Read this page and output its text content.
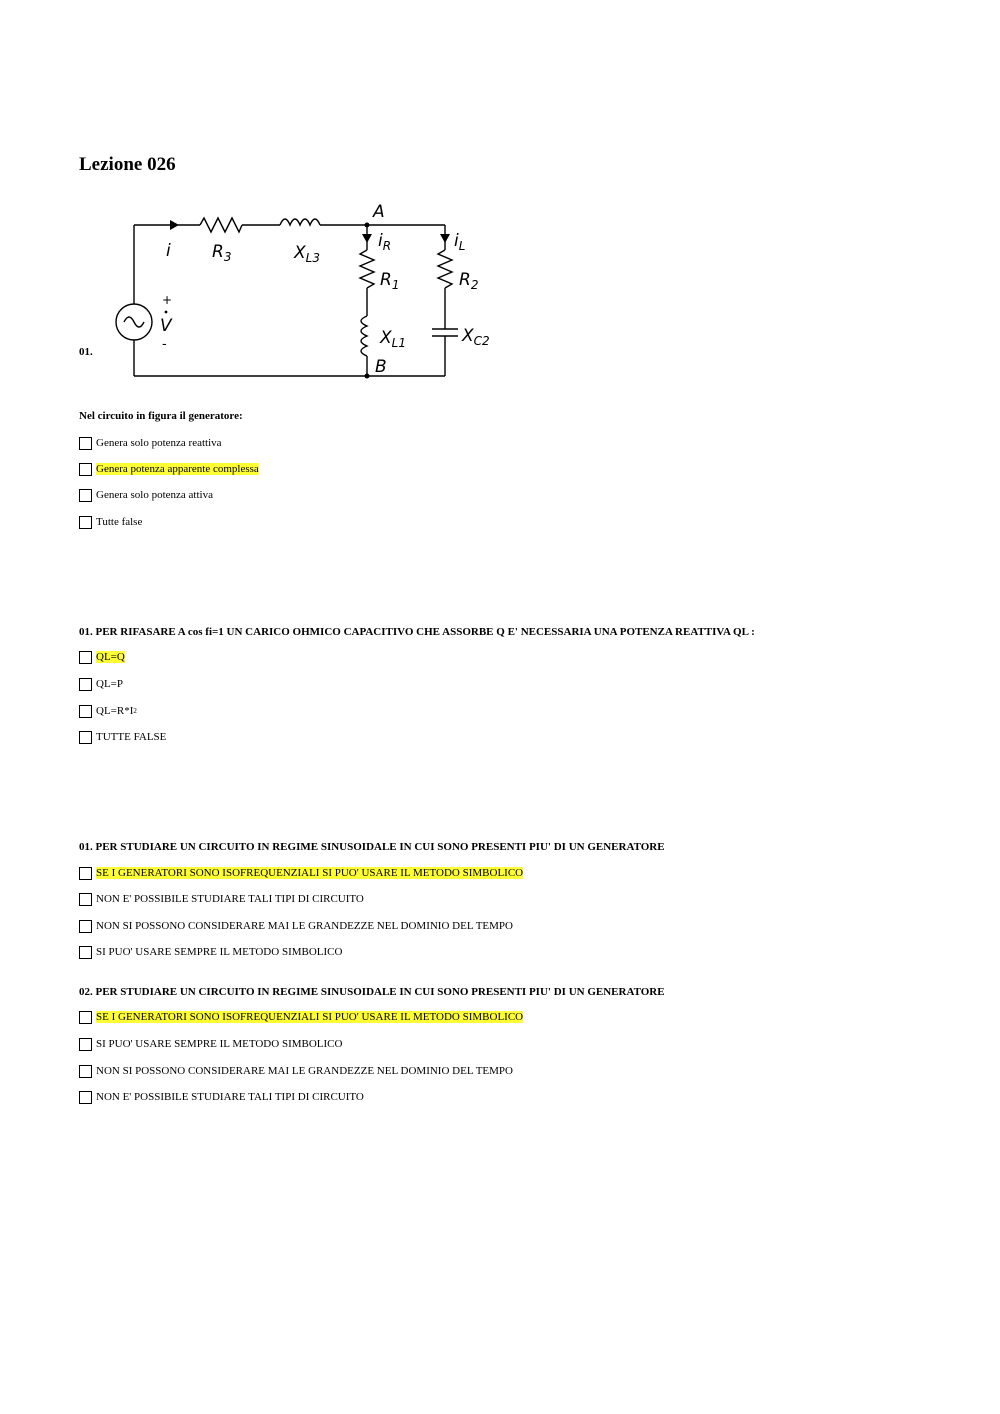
Lezione 026
A
B
i	$i_R$	$i_L$
$R_3$	$X_{L3}$
$R_1$
$X_{L1}$
$R_2$
$X_{C2}$
+
V
-
01.
Nel circuito in figura il generatore:
Genera solo potenza reattiva
Genera potenza apparente complessa
Genera solo potenza attiva
Tutte false
01. PER RIFASARE A cos fi=1 UN CARICO OHMICO CAPACITIVO CHE ASSORBE Q E' NECESSARIA UNA POTENZA REATTIVA QL :
QL=Q
QL=P
QL=R*I 2
TUTTE FALSE
01. PER STUDIARE UN CIRCUITO IN REGIME SINUSOIDALE IN CUI SONO PRESENTI PIU' DI UN GENERATORE
SE I GENERATORI SONO ISOFREQUENZIALI SI PUO' USARE IL METODO SIMBOLICO
NON E' POSSIBILE STUDIARE TALI TIPI DI CIRCUITO
NON SI POSSONO CONSIDERARE MAI LE GRANDEZZE NEL DOMINIO DEL TEMPO
SI PUO' USARE SEMPRE IL METODO SIMBOLICO
02. PER STUDIARE UN CIRCUITO IN REGIME SINUSOIDALE IN CUI SONO PRESENTI PIU' DI UN GENERATORE
SE I GENERATORI SONO ISOFREQUENZIALI SI PUO' USARE IL METODO SIMBOLICO
SI PUO' USARE SEMPRE IL METODO SIMBOLICO
NON SI POSSONO CONSIDERARE MAI LE GRANDEZZE NEL DOMINIO DEL TEMPO
NON E' POSSIBILE STUDIARE TALI TIPI DI CIRCUITO
